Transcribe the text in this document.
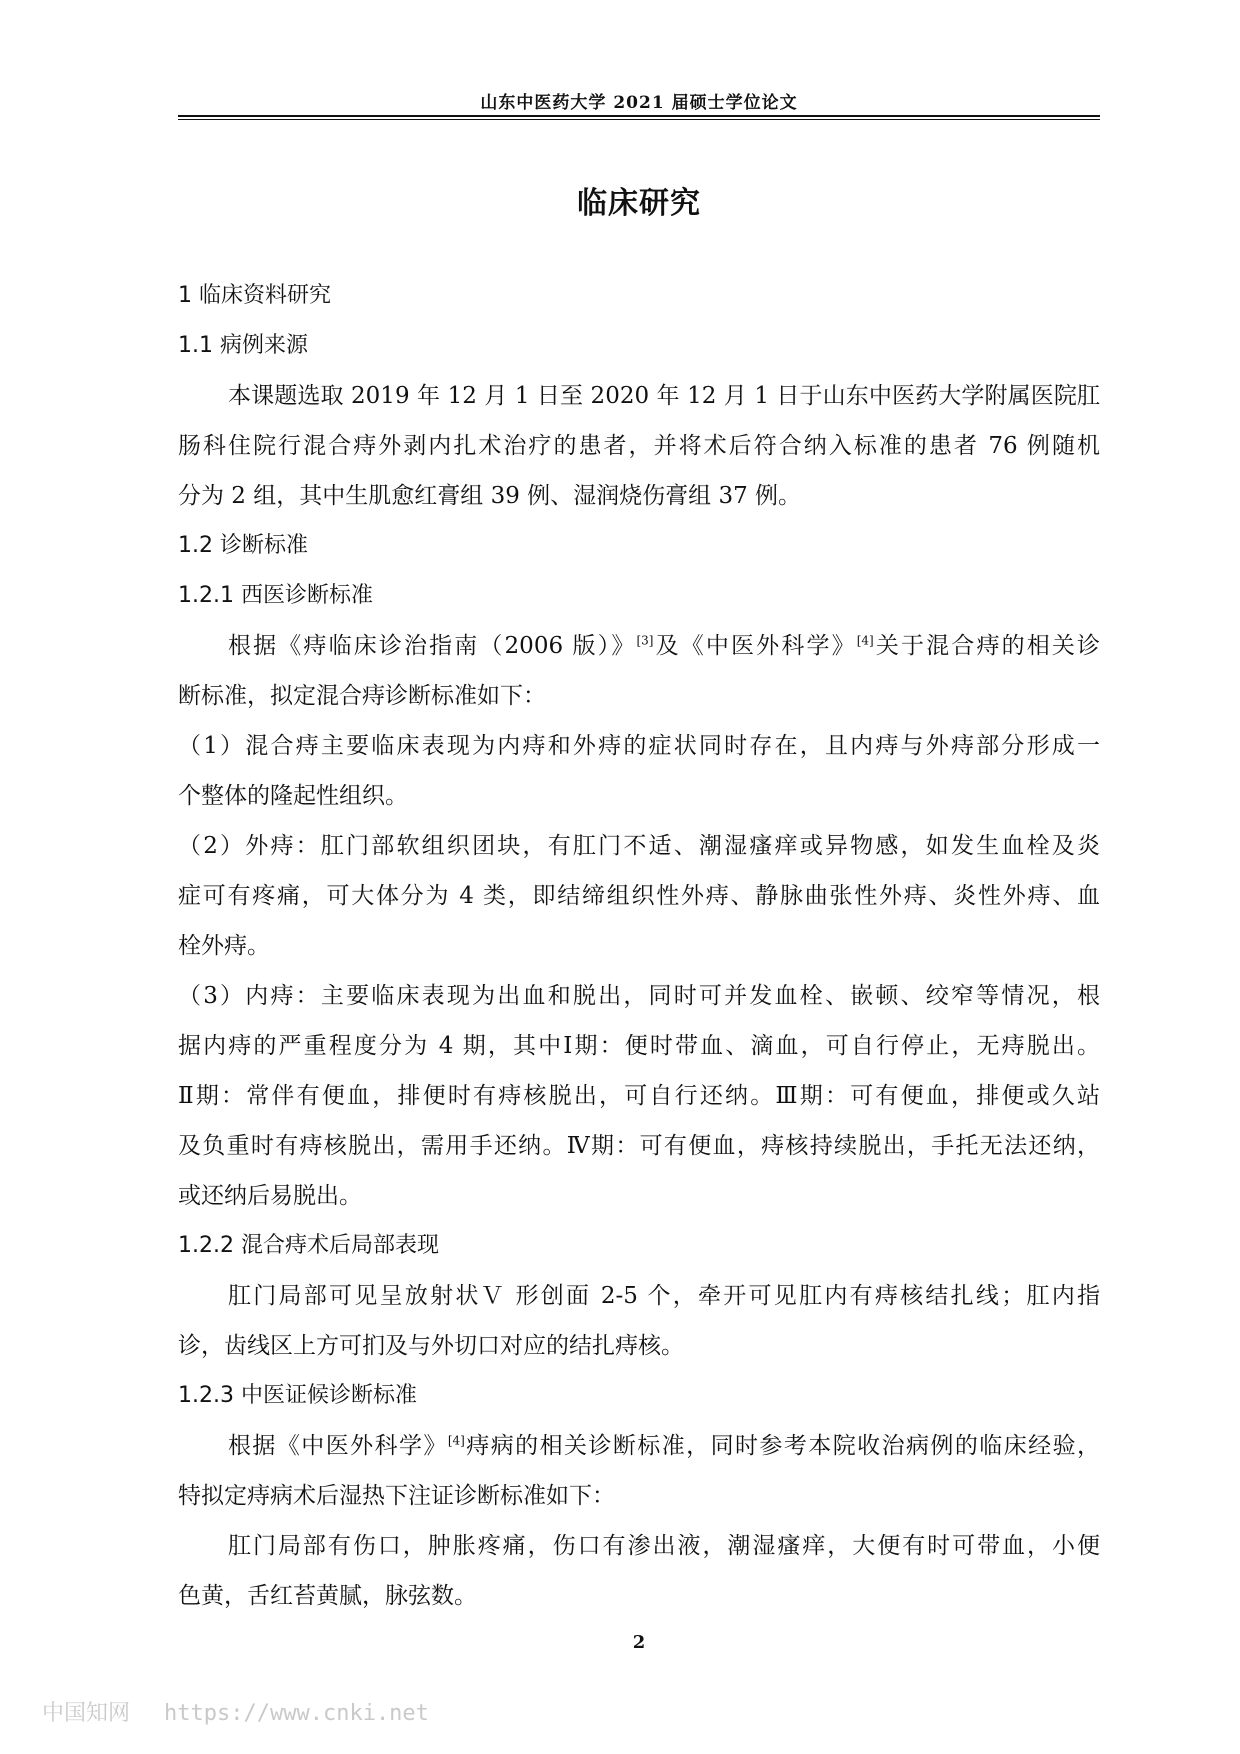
山东中医药大学 2021 届硕士学位论文
临床研究
1 临床资料研究
1.1 病例来源
本课题选取 2019 年 12 月 1 日至 2020 年 12 月 1 日于山东中医药大学附属医院肛
肠科住院行混合痔外剥内扎术治疗的患者，并将术后符合纳入标准的患者 76 例随机
分为 2 组，其中生肌愈红膏组 39 例、湿润烧伤膏组 37 例。
1.2 诊断标准
1.2.1 西医诊断标准
根据《痔临床诊治指南（2006 版）》[3]及《中医外科学》[4]关于混合痔的相关诊
断标准，拟定混合痔诊断标准如下：
（1）混合痔主要临床表现为内痔和外痔的症状同时存在，且内痔与外痔部分形成一
个整体的隆起性组织。
（2）外痔：肛门部软组织团块，有肛门不适、潮湿瘙痒或异物感，如发生血栓及炎
症可有疼痛，可大体分为 4 类，即结缔组织性外痔、静脉曲张性外痔、炎性外痔、血
栓外痔。
（3）内痔：主要临床表现为出血和脱出，同时可并发血栓、嵌顿、绞窄等情况，根
据内痔的严重程度分为 4 期，其中Ⅰ期：便时带血、滴血，可自行停止，无痔脱出。
Ⅱ期：常伴有便血，排便时有痔核脱出，可自行还纳。Ⅲ期：可有便血，排便或久站
及负重时有痔核脱出，需用手还纳。Ⅳ期：可有便血，痔核持续脱出，手托无法还纳，
或还纳后易脱出。
1.2.2 混合痔术后局部表现
肛门局部可见呈放射状Ｖ 形创面 2-5 个，牵开可见肛内有痔核结扎线；肛内指
诊，齿线区上方可扪及与外切口对应的结扎痔核。
1.2.3 中医证候诊断标准
根据《中医外科学》[4]痔病的相关诊断标准，同时参考本院收治病例的临床经验，
特拟定痔病术后湿热下注证诊断标准如下：
肛门局部有伤口，肿胀疼痛，伤口有渗出液，潮湿瘙痒，大便有时可带血，小便
色黄，舌红苔黄腻，脉弦数。
2
中国知网 https://www.cnki.net
